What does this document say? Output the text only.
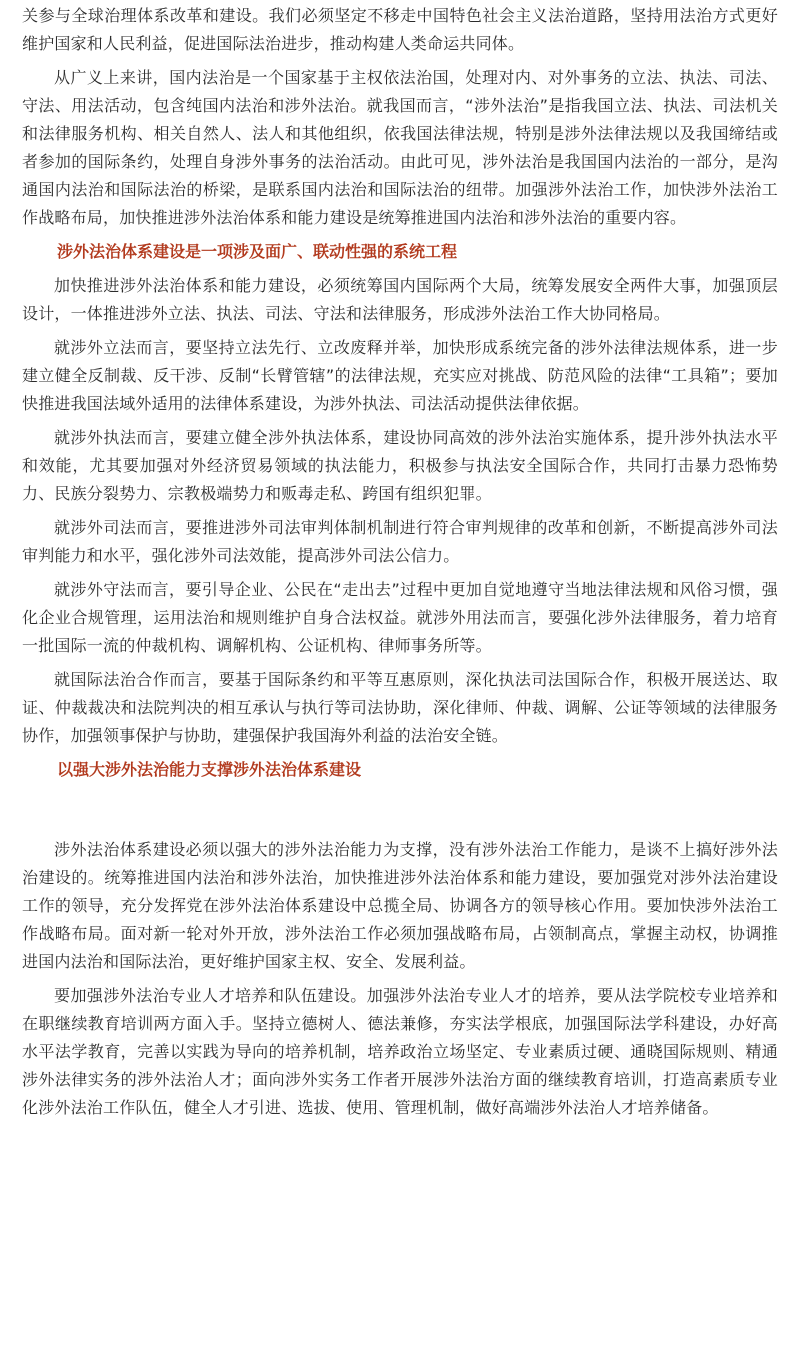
关参与全球治理体系改革和建设。我们必须坚定不移走中国特色社会主义法治道路，坚持用法治方式更好维护国家和人民利益，促进国际法治进步，推动构建人类命运共同体。

从广义上来讲，国内法治是一个国家基于主权依法治国，处理对内、对外事务的立法、执法、司法、守法、用法活动，包含纯国内法治和涉外法治。就我国而言，“涉外法治”是指我国立法、执法、司法机关和法律服务机构、相关自然人、法人和其他组织，依我国法律法规，特别是涉外法律法规以及我国缔结或者参加的国际条约，处理自身涉外事务的法治活动。由此可见，涉外法治是我国国内法治的一部分，是沟通国内法治和国际法治的桥梁，是联系国内法治和国际法治的纽带。加强涉外法治工作，加快涉外法治工作战略布局，加快推进涉外法治体系和能力建设是统筹推进国内法治和涉外法治的重要内容。

涉外法治体系建设是一项涉及面广、联动性强的系统工程

加快推进涉外法治体系和能力建设，必须统筹国内国际两个大局，统筹发展安全两件大事，加强顶层设计，一体推进涉外立法、执法、司法、守法和法律服务，形成涉外法治工作大协同格局。

就涉外立法而言，要坚持立法先行、立改废释并举，加快形成系统完备的涉外法律法规体系，进一步建立健全反制裁、反干涉、反制“长臂管辖”的法律法规，充实应对挑战、防范风险的法律“工具箱”；要加快推进我国法域外适用的法律体系建设，为涉外执法、司法活动提供法律依据。

就涉外执法而言，要建立健全涉外执法体系，建设协同高效的涉外法治实施体系，提升涉外执法水平和效能，尤其要加强对外经济贸易领域的执法能力，积极参与执法安全国际合作，共同打击暴力恐怖势力、民族分裂势力、宗教极端势力和贩毒走私、跨国有组织犯罪。

就涉外司法而言，要推进涉外司法审判体制机制进行符合审判规律的改革和创新，不断提高涉外司法审判能力和水平，强化涉外司法效能，提高涉外司法公信力。

就涉外守法而言，要引导企业、公民在“走出去”过程中更加自觉地遵守当地法律法规和风俗习惯，强化企业合规管理，运用法治和规则维护自身合法权益。就涉外用法而言，要强化涉外法律服务，着力培育一批国际一流的仲裁机构、调解机构、公证机构、律师事务所等。

就国际法治合作而言，要基于国际条约和平等互惠原则，深化执法司法国际合作，积极开展送达、取证、仲裁裁决和法院判决的相互承认与执行等司法协助，深化律师、仲裁、调解、公证等领域的法律服务协作，加强领事保护与协助，建强保护我国海外利益的法治安全链。

以强大涉外法治能力支撑涉外法治体系建设

涉外法治体系建设必须以强大的涉外法治能力为支撑，没有涉外法治工作能力，是谈不上搞好涉外法治建设的。统筹推进国内法治和涉外法治，加快推进涉外法治体系和能力建设，要加强党对涉外法治建设工作的领导，充分发挥党在涉外法治体系建设中总揽全局、协调各方的领导核心作用。要加快涉外法治工作战略布局。面对新一轮对外开放，涉外法治工作必须加强战略布局，占领制高点，掌握主动权，协调推进国内法治和国际法治，更好维护国家主权、安全、发展利益。

要加强涉外法治专业人才培养和队伍建设。加强涉外法治专业人才的培养，要从法学院校专业培养和在职继续教育培训两方面入手。坚持立德树人、德法兼修，夯实法学根底，加强国际法学科建设，办好高水平法学教育，完善以实践为导向的培养机制，培养政治立场坚定、专业素质过硬、通晓国际规则、精通涉外法律实务的涉外法治人才；面向涉外实务工作者开展涉外法治方面的继续教育培训，打造高素质专业化涉外法治工作队伍，健全人才引进、选拔、使用、管理机制，做好高端涉外法治人才培养储备。
